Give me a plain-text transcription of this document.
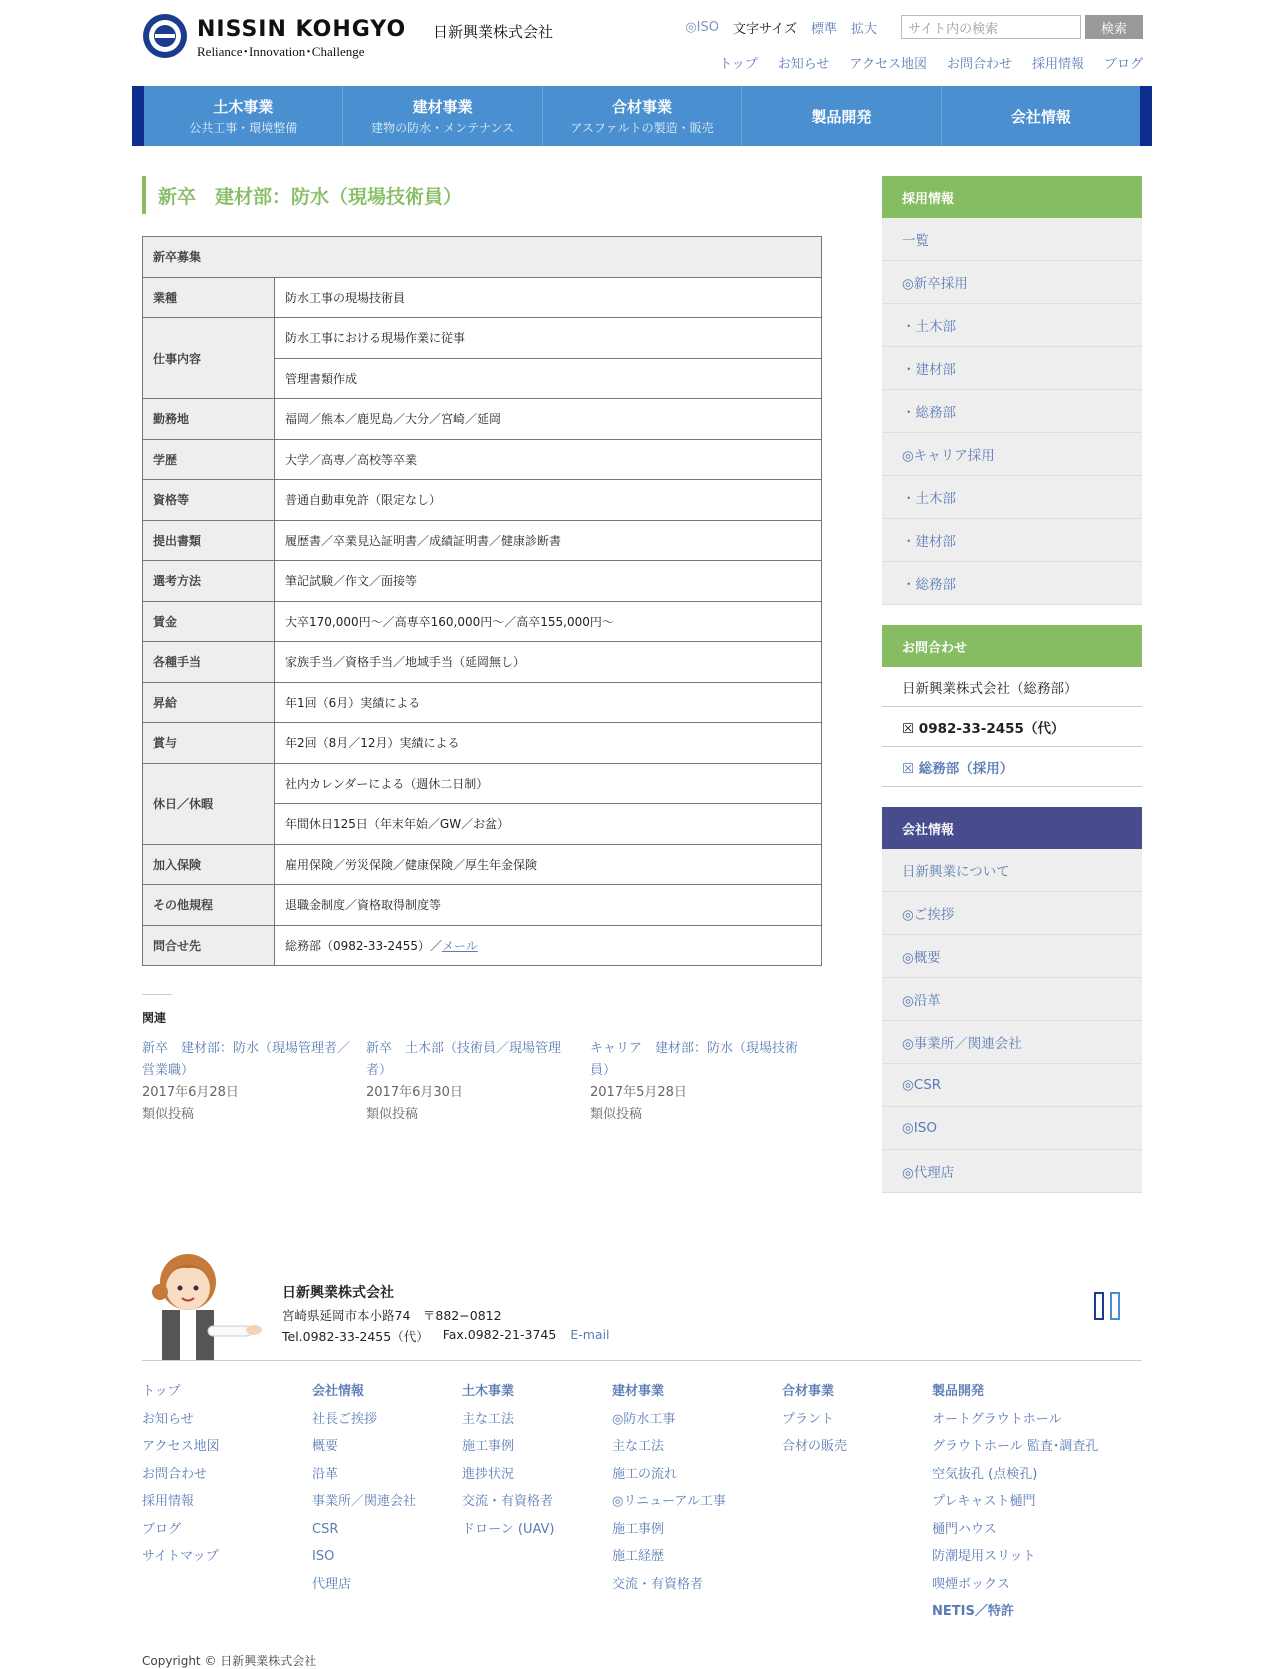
NISSIN KOHGYO 日新興業株式会社
Reliance･Innovation･Challenge
◎ISO 文字サイズ 標準 拡大	サイト内の検索	検索
トップ お知らせ アクセス地図 お問合わせ 採用情報 ブログ
土木事業
公共工事・環境整備
建材事業
建物の防水・メンテナンス
合材事業
アスファルトの製造・販売
製品開発	会社情報
新卒　建材部：防水（現場技術員）
新卒募集	
業種	防水工事の現場技術員
仕事内容	防水工事における現場作業に従事
	管理書類作成
勤務地	福岡／熊本／鹿児島／大分／宮崎／延岡
学歴	大学／高専／高校等卒業
資格等	普通自動車免許（限定なし）
提出書類	履歴書／卒業見込証明書／成績証明書／健康診断書
選考方法	筆記試験／作文／面接等
賃金	大卒170,000円〜／高専卒160,000円〜／高卒155,000円〜
各種手当	家族手当／資格手当／地域手当（延岡無し）
昇給	年1回（6月）実績による
賞与	年2回（8月／12月）実績による
休日／休暇	社内カレンダーによる（週休二日制）
	年間休日125日（年末年始／GW／お盆）
加入保険	雇用保険／労災保険／健康保険／厚生年金保険
その他規程	退職金制度／資格取得制度等
問合せ先	総務部（0982-33-2455）／メール
関連
新卒　建材部：防水（現場管理者／営業職）
2017年6月28日
類似投稿
新卒　土木部（技術員／現場管理者）
2017年6月30日
類似投稿
キャリア　建材部：防水（現場技術員）
2017年5月28日
類似投稿
採用情報
一覧
◎新卒採用
・土木部
・建材部
・総務部
◎キャリア採用
・土木部
・建材部
・総務部
お問合わせ
日新興業株式会社（総務部）
☒ 0982-33-2455（代）
☒ 総務部（採用）
会社情報
日新興業について
◎ご挨拶
◎概要
◎沿革
◎事業所／関連会社
◎CSR
◎ISO
◎代理店
日新興業株式会社
宮崎県延岡市本小路74　〒882−0812
Tel.0982-33-2455（代） Fax.0982-21-3745 E-mail
トップ
お知らせ
アクセス地図
お問合わせ
採用情報
ブログ
サイトマップ
会社情報
社長ご挨拶
概要
沿革
事業所／関連会社
CSR
ISO
代理店
土木事業
主な工法
施工事例
進捗状況
交流・有資格者
ドローン (UAV)
建材事業
◎防水工事
主な工法
施工の流れ
◎リニューアル工事
施工事例
施工経歴
交流・有資格者
合材事業
プラント
合材の販売
製品開発
オートグラウトホール
グラウトホール 監査･調査孔
空気抜孔 (点検孔)
プレキャスト樋門
樋門ハウス
防潮堤用スリット
喫煙ボックス
NETIS／特許
Copyright © 日新興業株式会社
